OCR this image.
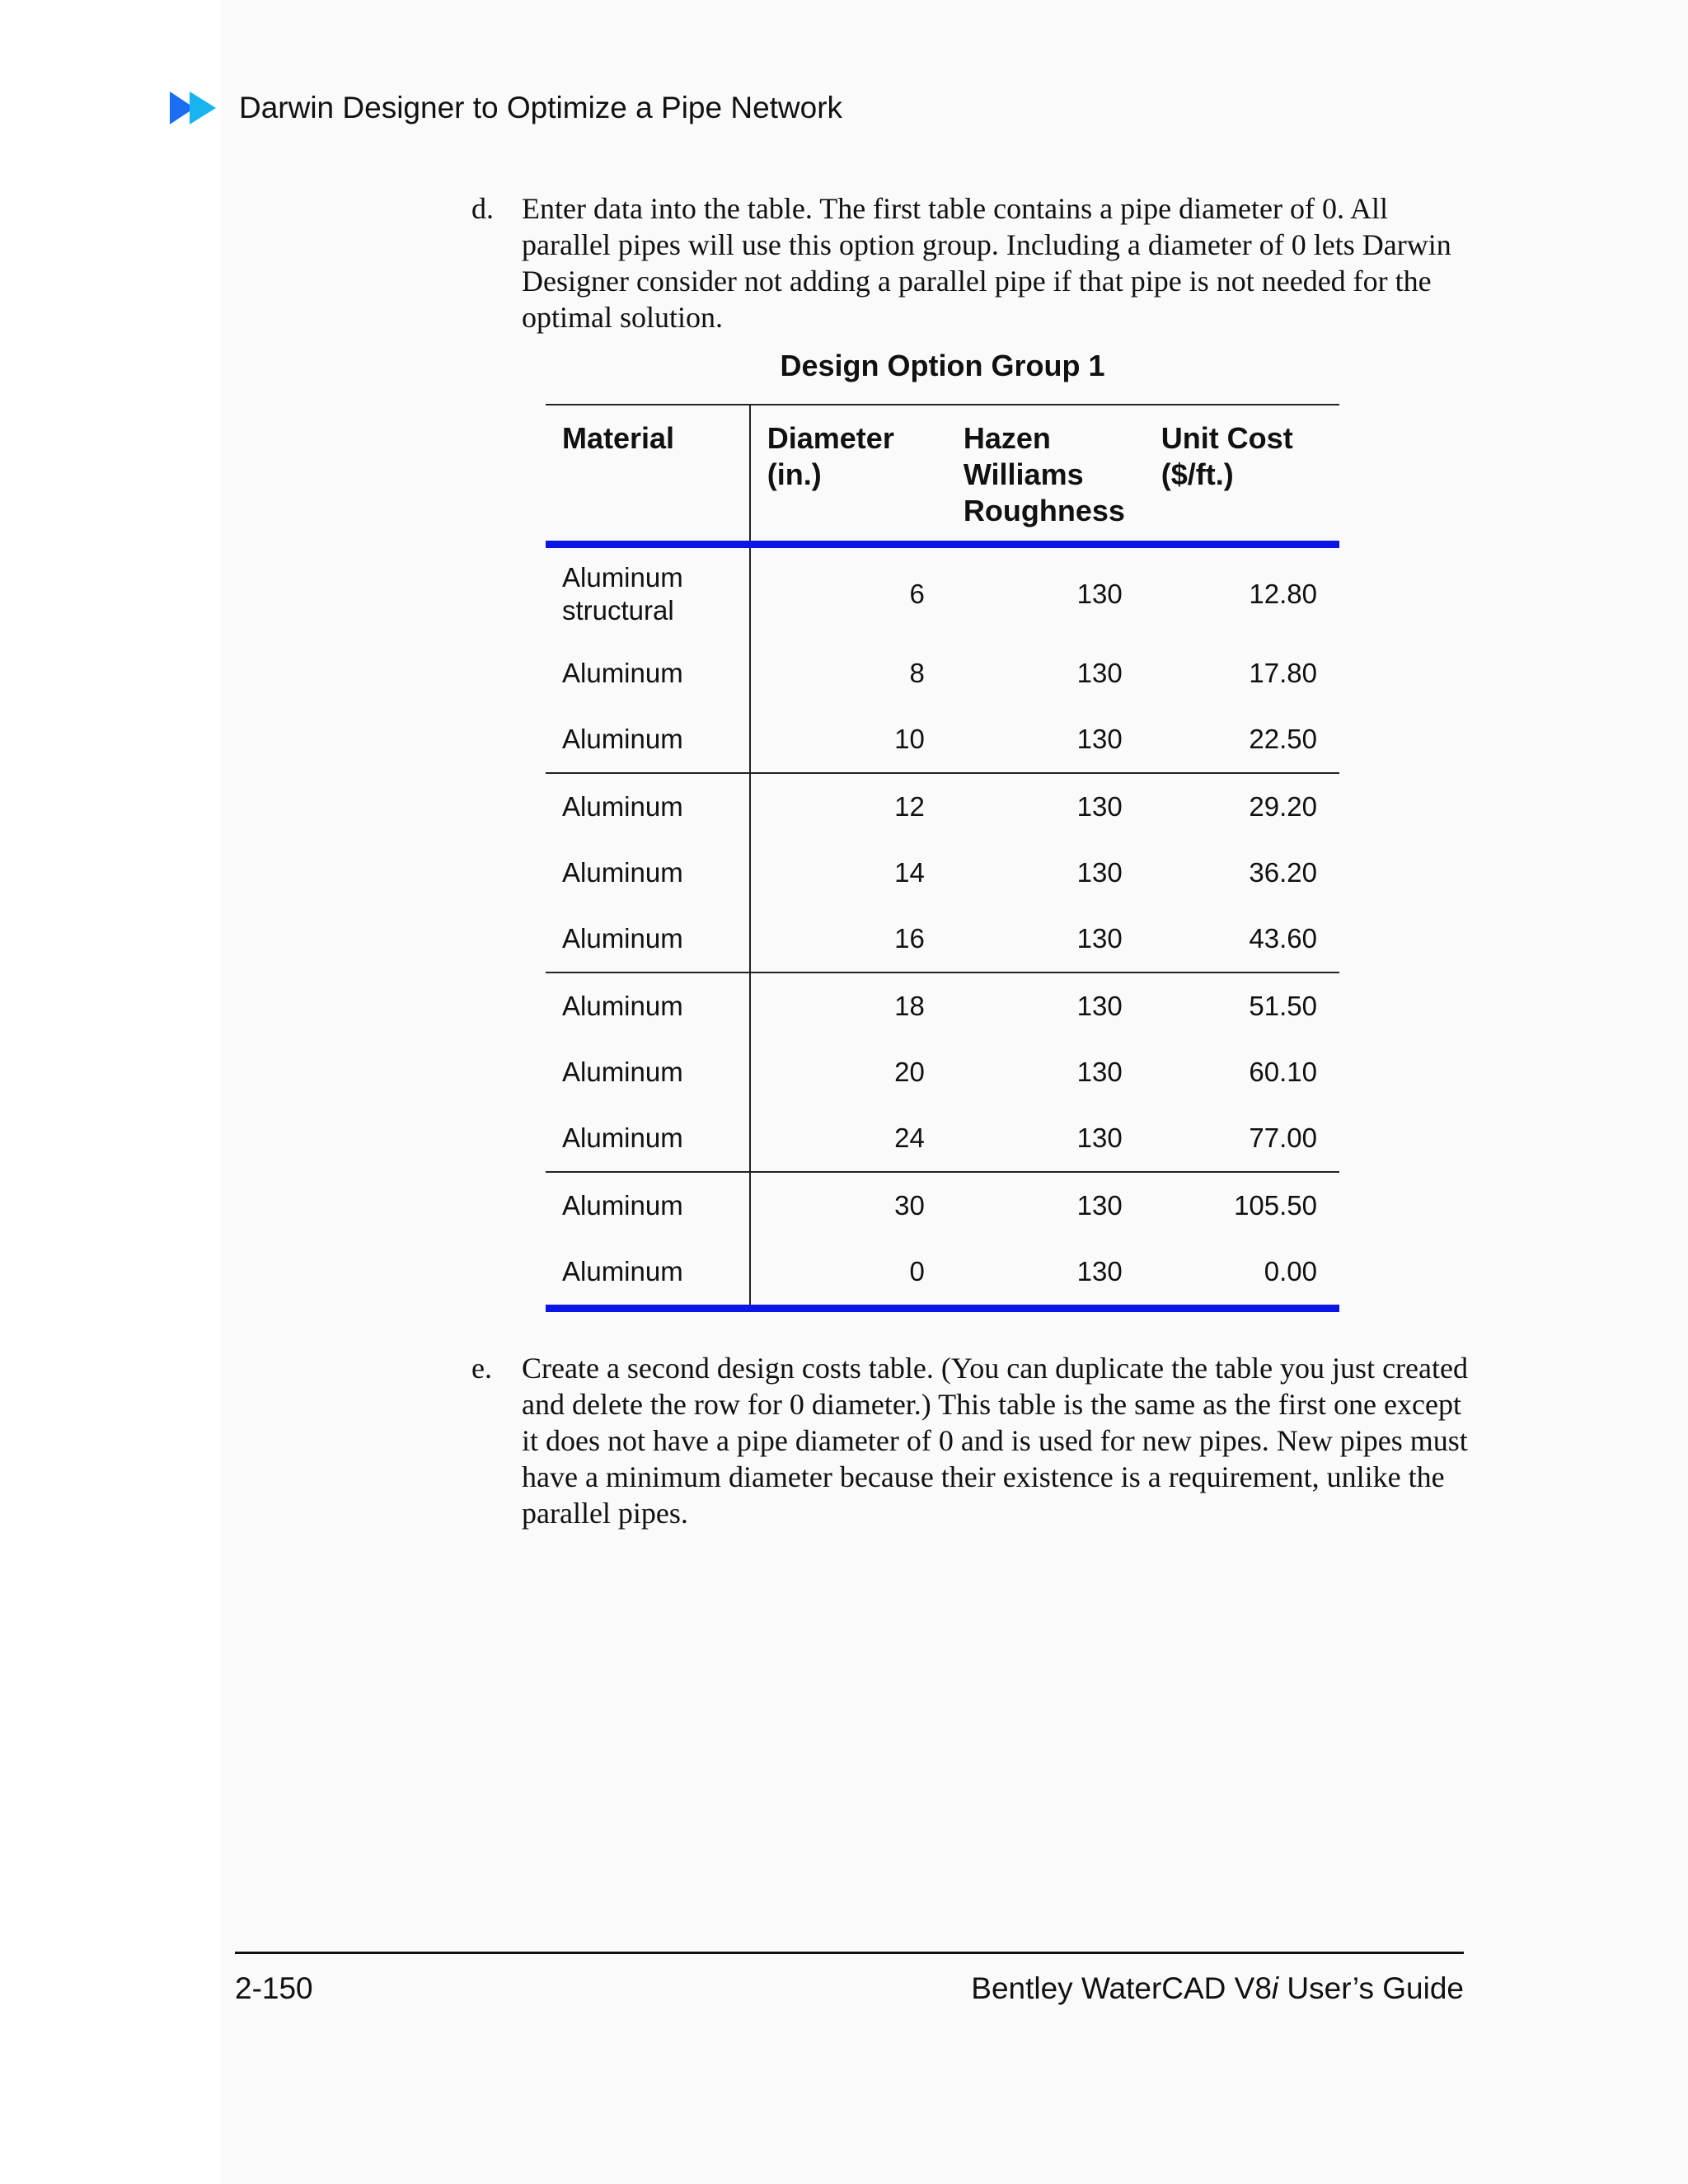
Darwin Designer to Optimize a Pipe Network
d. Enter data into the table. The first table contains a pipe diameter of 0. All parallel pipes will use this option group. Including a diameter of 0 lets Darwin Designer consider not adding a parallel pipe if that pipe is not needed for the optimal solution.
Design Option Group 1
Material	Diameter (in.)	Hazen Williams Roughness	Unit Cost ($/ft.)
Aluminum structural	6	130	12.80
Aluminum	8	130	17.80
Aluminum	10	130	22.50
Aluminum	12	130	29.20
Aluminum	14	130	36.20
Aluminum	16	130	43.60
Aluminum	18	130	51.50
Aluminum	20	130	60.10
Aluminum	24	130	77.00
Aluminum	30	130	105.50
Aluminum	0	130	0.00
e. Create a second design costs table. (You can duplicate the table you just created and delete the row for 0 diameter.) This table is the same as the first one except it does not have a pipe diameter of 0 and is used for new pipes. New pipes must have a minimum diameter because their existence is a requirement, unlike the parallel pipes.
2-150	Bentley WaterCAD V8i User’s Guide
